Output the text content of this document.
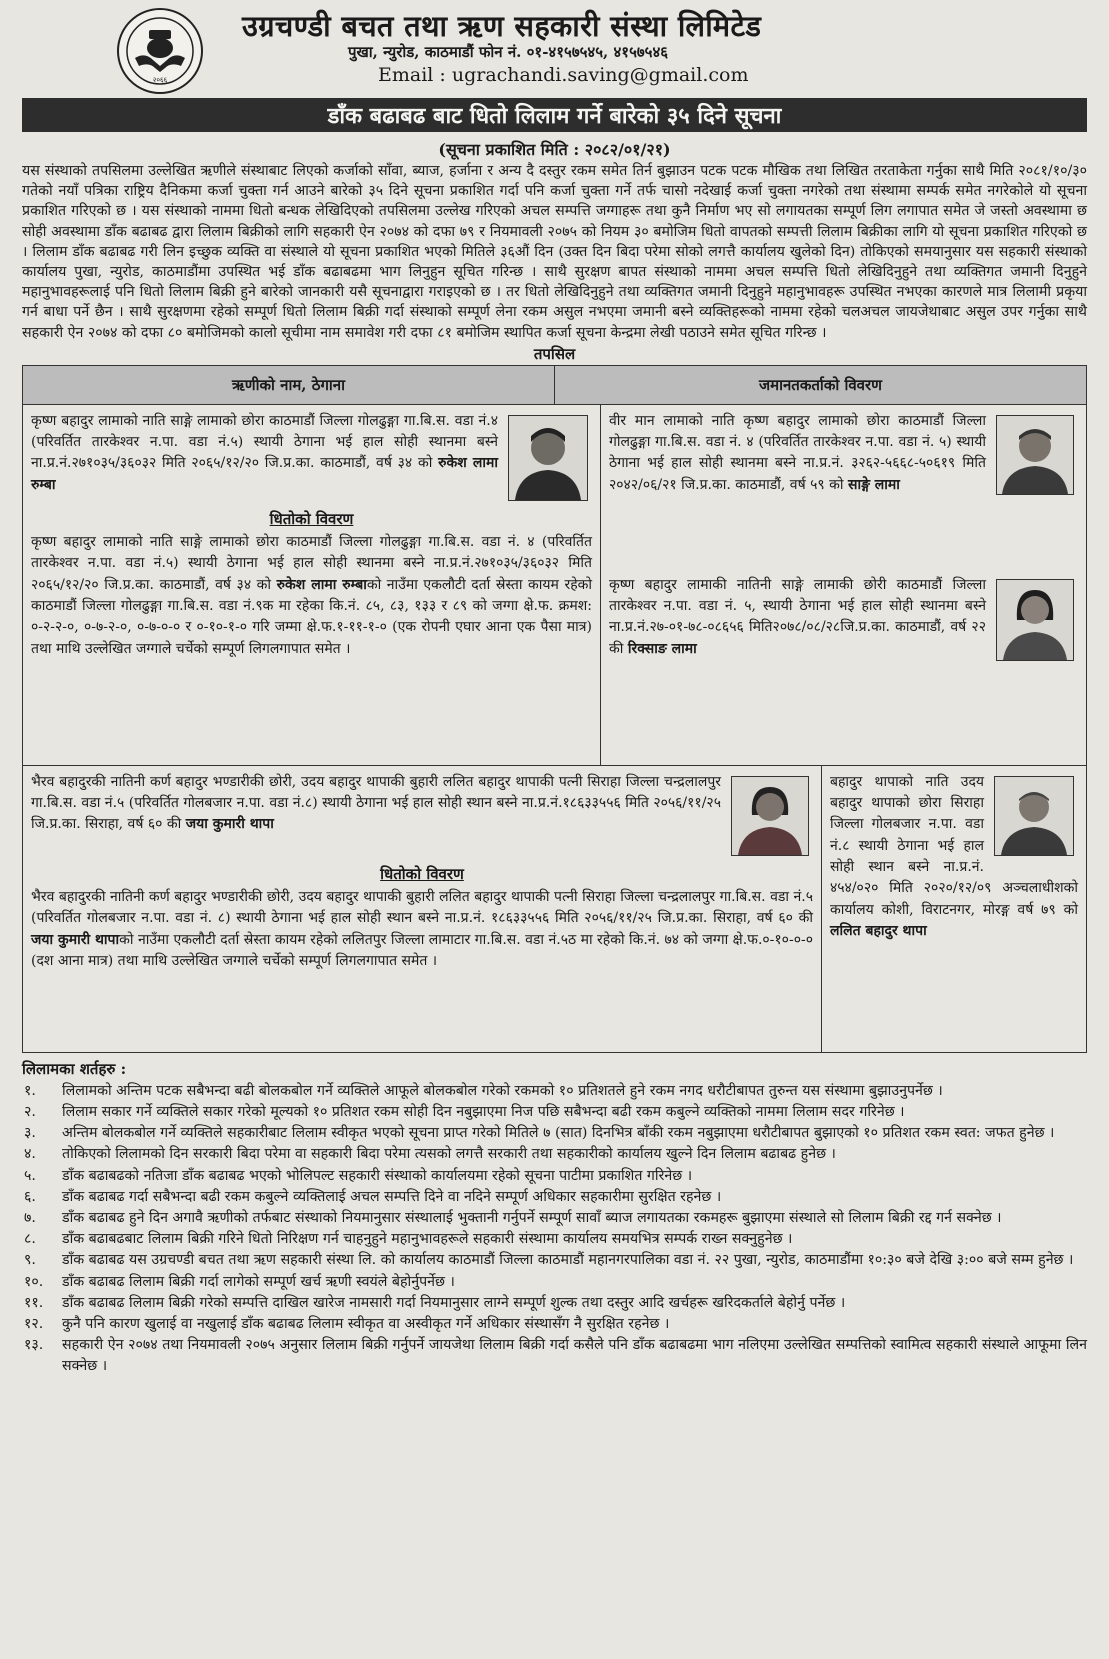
२०६६
उग्रचण्डी बचत तथा ऋण सहकारी संस्था लिमिटेड
पुखा, न्युरोड, काठमाडौं फोन नं. ०१-४१५७५४५, ४१५७५४६
Email : ugrachandi.saving@gmail.com
डाँक बढाबढ बाट धितो लिलाम गर्ने बारेको ३५ दिने सूचना
(सूचना प्रकाशित मिति : २०८२/०१/२१)
यस संस्थाको तपसिलमा उल्लेखित ऋणीले संस्थाबाट लिएको कर्जाको साँवा, ब्याज, हर्जाना र अन्य दै दस्तुर रकम समेत तिर्न बुझाउन पटक पटक मौखिक तथा लिखित तरताकेता गर्नुका साथै मिति २०८१/१०/३० गतेको नयाँ पत्रिका राष्ट्रिय दैनिकमा कर्जा चुक्ता गर्न आउने बारेको ३५ दिने सूचना प्रकाशित गर्दा पनि कर्जा चुक्ता गर्ने तर्फ चासो नदेखाई कर्जा चुक्ता नगरेको तथा संस्थामा सम्पर्क समेत नगरेकोले यो सूचना प्रकाशित गरिएको छ । यस संस्थाको नाममा धितो बन्धक लेखिदिएको तपसिलमा उल्लेख गरिएको अचल सम्पत्ति जग्गाहरू तथा कुनै निर्माण भए सो लगायतका सम्पूर्ण लिग लगापात समेत जे जस्तो अवस्थामा छ सोही अवस्थामा डाँक बढाबढ द्वारा लिलाम बिक्रीको लागि सहकारी ऐन २०७४ को दफा ७९ र नियमावली २०७५ को नियम ३० बमोजिम धितो वापतको सम्पत्ती लिलाम बिक्रीका लागि यो सूचना प्रकाशित गरिएको छ । लिलाम डाँक बढाबढ गरी लिन इच्छुक व्यक्ति वा संस्थाले यो सूचना प्रकाशित भएको मितिले ३६औं दिन (उक्त दिन बिदा परेमा सोको लगत्तै कार्यालय खुलेको दिन) तोकिएको समयानुसार यस सहकारी संस्थाको कार्यालय पुखा, न्युरोड, काठमाडौंमा उपस्थित भई डाँक बढाबढमा भाग लिनुहुन सूचित गरिन्छ । साथै सुरक्षण बापत संस्थाको नाममा अचल सम्पत्ति धितो लेखिदिनुहुने तथा व्यक्तिगत जमानी दिनुहुने महानुभावहरूलाई पनि धितो लिलाम बिक्री हुने बारेको जानकारी यसै सूचनाद्वारा गराइएको छ । तर धितो लेखिदिनुहुने तथा व्यक्तिगत जमानी दिनुहुने महानुभावहरू उपस्थित नभएका कारणले मात्र लिलामी प्रकृया गर्न बाधा पर्ने छैन । साथै सुरक्षणमा रहेको सम्पूर्ण धितो लिलाम बिक्री गर्दा संस्थाको सम्पूर्ण लेना रकम असुल नभएमा जमानी बस्ने व्यक्तिहरूको नाममा रहेको चलअचल जायजेथाबाट असुल उपर गर्नुका साथै सहकारी ऐन २०७४ को दफा ८० बमोजिमको कालो सूचीमा नाम समावेश गरी दफा ८१ बमोजिम स्थापित कर्जा सूचना केन्द्रमा लेखी पठाउने समेत सूचित गरिन्छ ।
तपसिल
ऋणीको नाम, ठेगाना	जमानतकर्ताको विवरण
कृष्ण बहादुर लामाको नाति साङ्गे लामाको छोरा काठमाडौं जिल्ला गोलढुङ्गा गा.बि.स. वडा नं.४ (परिवर्तित तारकेश्वर न.पा. वडा नं.५) स्थायी ठेगाना भई हाल सोही स्थानमा बस्ने ना.प्र.नं.२७१०३५/३६०३२ मिति २०६५/१२/२० जि.प्र.का. काठमाडौं, वर्ष ३४ को रुकेश लामा रुम्बा
धितोको विवरण
कृष्ण बहादुर लामाको नाति साङ्गे लामाको छोरा काठमाडौं जिल्ला गोलढुङ्गा गा.बि.स. वडा नं. ४ (परिवर्तित तारकेश्वर न.पा. वडा नं.५) स्थायी ठेगाना भई हाल सोही स्थानमा बस्ने ना.प्र.नं.२७१०३५/३६०३२ मिति २०६५/१२/२० जि.प्र.का. काठमाडौं, वर्ष ३४ को रुकेश लामा रुम्बाको नाउँमा एकलौटी दर्ता स्रेस्ता कायम रहेको काठमाडौं जिल्ला गोलढुङ्गा गा.बि.स. वडा नं.९क मा रहेका कि.नं. ८५, ८३, १३३ र ८९ को जग्गा क्षे.फ. क्रमश: ०-२-२-०, ०-७-२-०, ०-७-०-० र ०-१०-१-० गरि जम्मा क्षे.फ.१-११-१-० (एक रोपनी एघार आना एक पैसा मात्र) तथा माथि उल्लेखित जग्गाले चर्चेको सम्पूर्ण लिगलगापात समेत ।
वीर मान लामाको नाति कृष्ण बहादुर लामाको छोरा काठमाडौं जिल्ला गोलढुङ्गा गा.बि.स. वडा नं. ४ (परिवर्तित तारकेश्वर न.पा. वडा नं. ५) स्थायी ठेगाना भई हाल सोही स्थानमा बस्ने ना.प्र.नं. ३२६२-५६६८-५०६१९ मिति २०४२/०६/२१ जि.प्र.का. काठमाडौं, वर्ष ५९ को साङ्गे लामा
कृष्ण बहादुर लामाकी नातिनी साङ्गे लामाकी छोरी काठमाडौं जिल्ला तारकेश्वर न.पा. वडा नं. ५, स्थायी ठेगाना भई हाल सोही स्थानमा बस्ने ना.प्र.नं.२७-०१-७८-०८६५६ मिति२०७८/०८/२८जि.प्र.का. काठमाडौं, वर्ष २२ की रिक्साङ लामा
भैरव बहादुरकी नातिनी कर्ण बहादुर भण्डारीकी छोरी, उदय बहादुर थापाकी बुहारी ललित बहादुर थापाकी पत्नी सिराहा जिल्ला चन्द्रलालपुर गा.बि.स. वडा नं.५ (परिवर्तित गोलबजार न.पा. वडा नं.८) स्थायी ठेगाना भई हाल सोही स्थान बस्ने ना.प्र.नं.१८६३३५५६ मिति २०५६/११/२५ जि.प्र.का. सिराहा, वर्ष ६० की जया कुमारी थापा
धितोको विवरण
भैरव बहादुरकी नातिनी कर्ण बहादुर भण्डारीकी छोरी, उदय बहादुर थापाकी बुहारी ललित बहादुर थापाकी पत्नी सिराहा जिल्ला चन्द्रलालपुर गा.बि.स. वडा नं.५ (परिवर्तित गोलबजार न.पा. वडा नं. ८) स्थायी ठेगाना भई हाल सोही स्थान बस्ने ना.प्र.नं. १८६३३५५६ मिति २०५६/११/२५ जि.प्र.का. सिराहा, वर्ष ६० की जया कुमारी थापाको नाउँमा एकलौटी दर्ता स्रेस्ता कायम रहेको ललितपुर जिल्ला लामाटार गा.बि.स. वडा नं.५ठ मा रहेको कि.नं. ७४ को जग्गा क्षे.फ.०-१०-०-० (दश आना मात्र) तथा माथि उल्लेखित जग्गाले चर्चेको सम्पूर्ण लिगलगापात समेत ।
बहादुर थापाको नाति उदय बहादुर थापाको छोरा सिराहा जिल्ला गोलबजार न.पा. वडा नं.८ स्थायी ठेगाना भई हाल सोही स्थान बस्ने ना.प्र.नं. ४५४/०२० मिति २०२०/१२/०९ अञ्चलाधीशको कार्यालय कोशी, विराटनगर, मोरङ्ग वर्ष ७९ को ललित बहादुर थापा
लिलामका शर्तहरु :
१.	लिलामको अन्तिम पटक सबैभन्दा बढी बोलकबोल गर्ने व्यक्तिले आफूले बोलकबोल गरेको रकमको १० प्रतिशतले हुने रकम नगद धरौटीबापत तुरुन्त यस संस्थामा बुझाउनुपर्नेछ ।
२.	लिलाम सकार गर्ने व्यक्तिले सकार गरेको मूल्यको १० प्रतिशत रकम सोही दिन नबुझाएमा निज पछि सबैभन्दा बढी रकम कबुल्ने व्यक्तिको नाममा लिलाम सदर गरिनेछ ।
३.	अन्तिम बोलकबोल गर्ने व्यक्तिले सहकारीबाट लिलाम स्वीकृत भएको सूचना प्राप्त गरेको मितिले ७ (सात) दिनभित्र बाँकी रकम नबुझाएमा धरौटीबापत बुझाएको १० प्रतिशत रकम स्वत: जफत हुनेछ ।
४.	तोकिएको लिलामको दिन सरकारी बिदा परेमा वा सहकारी बिदा परेमा त्यसको लगत्तै सरकारी तथा सहकारीको कार्यालय खुल्ने दिन लिलाम बढाबढ हुनेछ ।
५.	डाँक बढाबढको नतिजा डाँक बढाबढ भएको भोलिपल्ट सहकारी संस्थाको कार्यालयमा रहेको सूचना पाटीमा प्रकाशित गरिनेछ ।
६.	डाँक बढाबढ गर्दा सबैभन्दा बढी रकम कबुल्ने व्यक्तिलाई अचल सम्पत्ति दिने वा नदिने सम्पूर्ण अधिकार सहकारीमा सुरक्षित रहनेछ ।
७.	डाँक बढाबढ हुने दिन अगावै ऋणीको तर्फबाट संस्थाको नियमानुसार संस्थालाई भुक्तानी गर्नुपर्ने सम्पूर्ण सावाँ ब्याज लगायतका रकमहरू बुझाएमा संस्थाले सो लिलाम बिक्री रद्द गर्न सक्नेछ ।
८.	डाँक बढाबढबाट लिलाम बिक्री गरिने धितो निरिक्षण गर्न चाहनुहुने महानुभावहरूले सहकारी संस्थामा कार्यालय समयभित्र सम्पर्क राख्न सक्नुहुनेछ ।
९.	डाँक बढाबढ यस उग्रचण्डी बचत तथा ऋण सहकारी संस्था लि. को कार्यालय काठमाडौं जिल्ला काठमाडौं महानगरपालिका वडा नं. २२ पुखा, न्युरोड, काठमाडौंमा १०:३० बजे देखि ३:०० बजे सम्म हुनेछ ।
१०.	डाँक बढाबढ लिलाम बिक्री गर्दा लागेको सम्पूर्ण खर्च ऋणी स्वयंले बेहोर्नुपर्नेछ ।
११.	डाँक बढाबढ लिलाम बिक्री गरेको सम्पत्ति दाखिल खारेज नामसारी गर्दा नियमानुसार लाग्ने सम्पूर्ण शुल्क तथा दस्तुर आदि खर्चहरू खरिदकर्ताले बेहोर्नु पर्नेछ ।
१२.	कुनै पनि कारण खुलाई वा नखुलाई डाँक बढाबढ लिलाम स्वीकृत वा अस्वीकृत गर्ने अधिकार संस्थासँग नै सुरक्षित रहनेछ ।
१३.	सहकारी ऐन २०७४ तथा नियमावली २०७५ अनुसार लिलाम बिक्री गर्नुपर्ने जायजेथा लिलाम बिक्री गर्दा कसैले पनि डाँक बढाबढमा भाग नलिएमा उल्लेखित सम्पत्तिको स्वामित्व सहकारी संस्थाले आफूमा लिन सक्नेछ ।
